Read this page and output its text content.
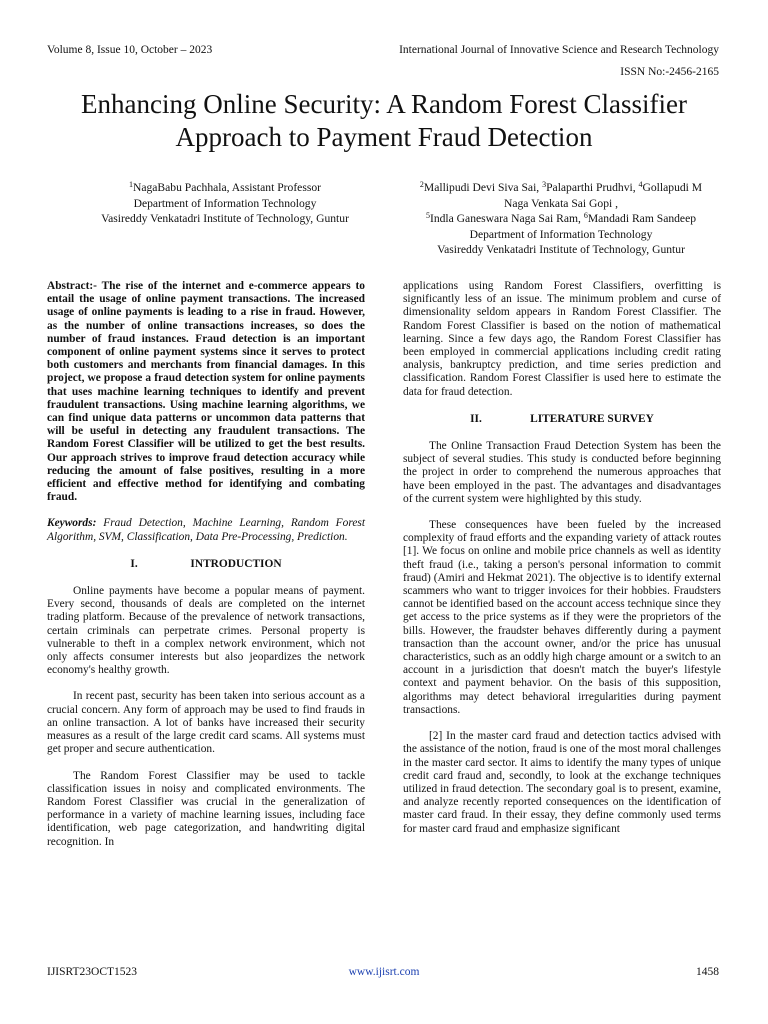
Volume 8, Issue 10, October – 2023	International Journal of Innovative Science and Research Technology
ISSN No:-2456-2165
Enhancing Online Security: A Random Forest Classifier Approach to Payment Fraud Detection
$^1$NagaBabu Pachhala, Assistant Professor
Department of Information Technology
Vasireddy Venkatadri Institute of Technology, Guntur
$^2$Mallipudi Devi Siva Sai, $^3$Palaparthi Prudhvi, $^4$Gollapudi M
Naga Venkata Sai Gopi ,
$^5$Indla Ganeswara Naga Sai Ram, $^6$Mandadi Ram Sandeep
Department of Information Technology
Vasireddy Venkatadri Institute of Technology, Guntur

Abstract:- The rise of the internet and e-commerce appears to entail the usage of online payment transactions. The increased usage of online payments is leading to a rise in fraud. However, as the number of online transactions increases, so does the number of fraud instances. Fraud detection is an important component of online payment systems since it serves to protect both customers and merchants from financial damages. In this project, we propose a fraud detection system for online payments that uses machine learning techniques to identify and prevent fraudulent transactions. Using machine learning algorithms, we can find unique data patterns or uncommon data patterns that will be useful in detecting any fraudulent transactions. The Random Forest Classifier will be utilized to get the best results. Our approach strives to improve fraud detection accuracy while reducing the amount of false positives, resulting in a more efficient and effective method for identifying and combating fraud.

Keywords: Fraud Detection, Machine Learning, Random Forest Algorithm, SVM, Classification, Data Pre-Processing, Prediction.

I.	INTRODUCTION

Online payments have become a popular means of payment. Every second, thousands of deals are completed on the internet trading platform. Because of the prevalence of network transactions, certain criminals can perpetrate crimes. Personal property is vulnerable to theft in a complex network environment, which not only affects consumer interests but also jeopardizes the network economy's healthy growth.

In recent past, security has been taken into serious account as a crucial concern. Any form of approach may be used to find frauds in an online transaction. A lot of banks have increased their security measures as a result of the large credit card scams. All systems must get proper and secure authentication.

The Random Forest Classifier may be used to tackle classification issues in noisy and complicated environments. The Random Forest Classifier was crucial in the generalization of performance in a variety of machine learning issues, including face identification, web page categorization, and handwriting digital recognition. In

applications using Random Forest Classifiers, overfitting is significantly less of an issue. The minimum problem and curse of dimensionality seldom appears in Random Forest Classifier. The Random Forest Classifier is based on the notion of mathematical learning. Since a few days ago, the Random Forest Classifier has been employed in commercial applications including credit rating analysis, bankruptcy prediction, and time series prediction and classification. Random Forest Classifier is used here to estimate the data for fraud detection.

II.	LITERATURE SURVEY

The Online Transaction Fraud Detection System has been the subject of several studies. This study is conducted before beginning the project in order to comprehend the numerous approaches that have been employed in the past. The advantages and disadvantages of the current system were highlighted by this study.

These consequences have been fueled by the increased complexity of fraud efforts and the expanding variety of attack routes [1]. We focus on online and mobile price channels as well as identity theft fraud (i.e., taking a person's personal information to commit fraud) (Amiri and Hekmat 2021). The objective is to identify external scammers who want to trigger invoices for their hobbies. Fraudsters cannot be identified based on the account access technique since they get access to the price systems as if they were the proprietors of the bills. However, the fraudster behaves differently during a payment transaction than the account owner, and/or the price has unusual characteristics, such as an oddly high charge amount or a switch to an account in a jurisdiction that doesn't match the buyer's lifestyle context and payment behavior. On the basis of this supposition, algorithms may detect behavioral irregularities during payment transactions.

[2] In the master card fraud and detection tactics advised with the assistance of the notion, fraud is one of the most moral challenges in the master card sector. It aims to identify the many types of unique credit card fraud and, secondly, to look at the exchange techniques utilized in fraud detection. The secondary goal is to present, examine, and analyze recently reported consequences on the identification of master card fraud. In their essay, they define commonly used terms for master card fraud and emphasize significant

IJISRT23OCT1523	www.ijisrt.com	1458
